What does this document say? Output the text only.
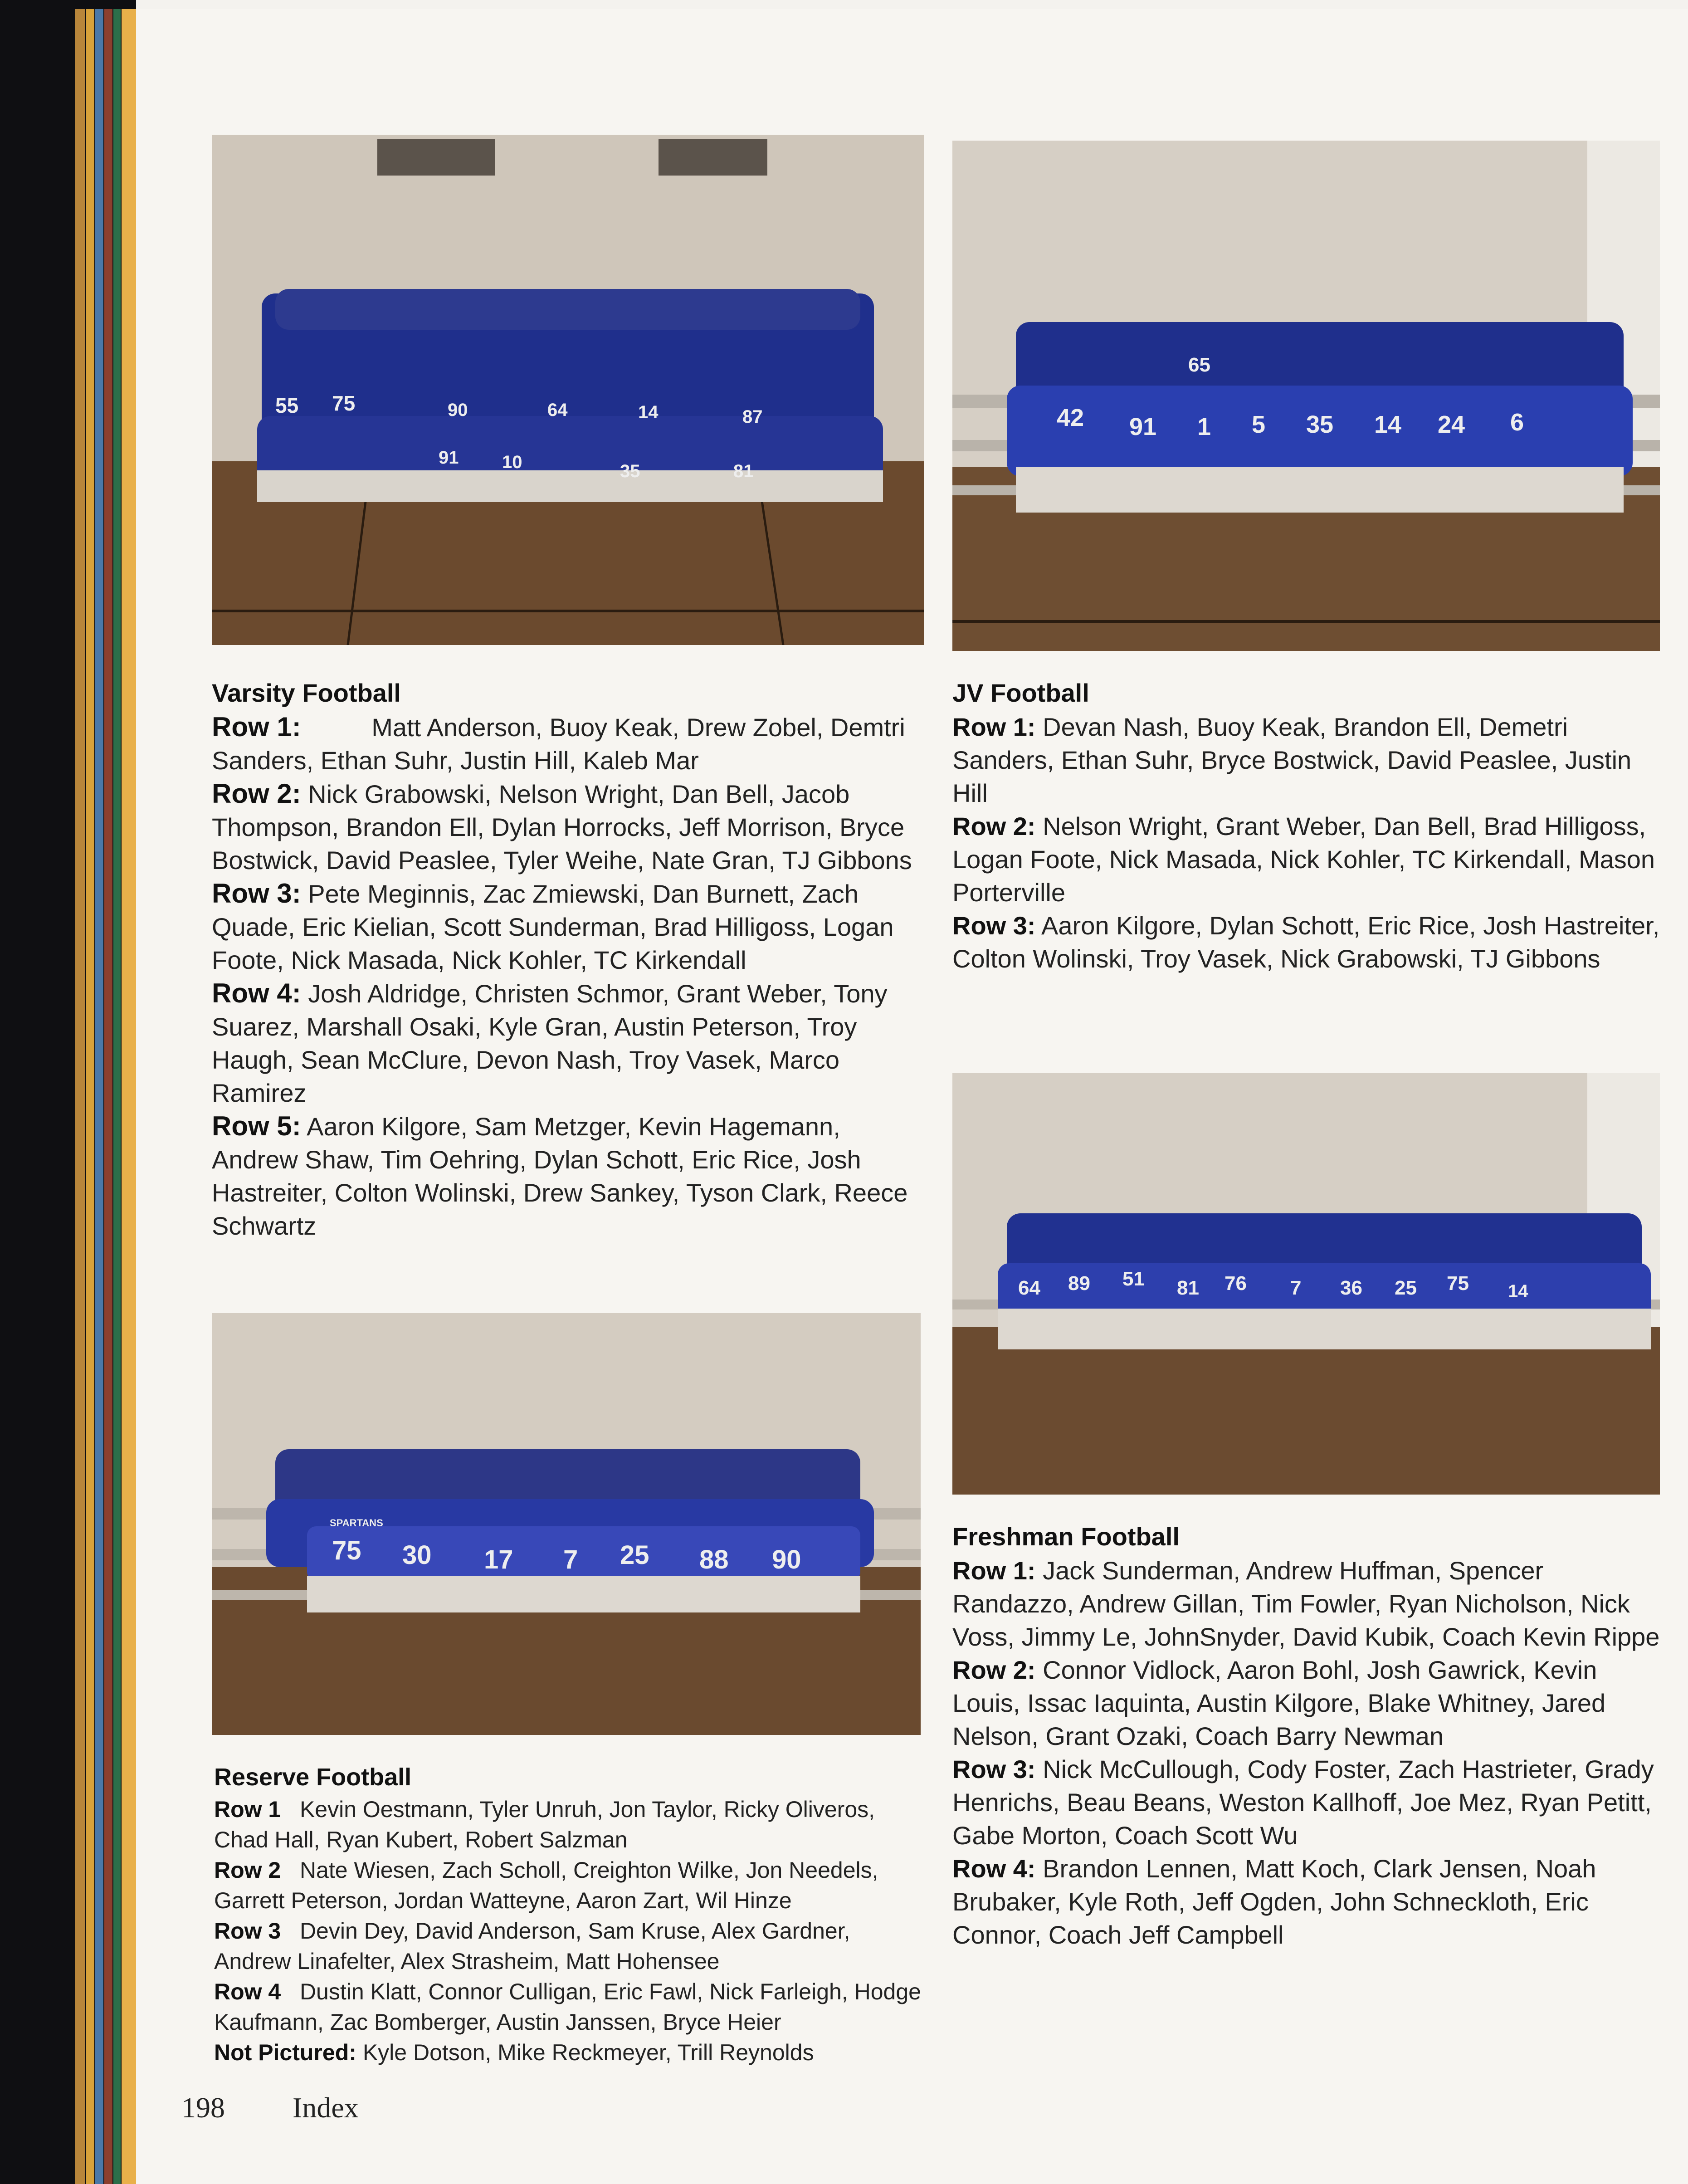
55 75	90	64	14	87
91 10	35	81
42 91 1 5 35 14 24 6
65
SPARTANS
75 30 17 7 25 88 90
64 89 51 81 76 7 36 25 75 14
Varsity Football

Row 1:	Matt Anderson, Buoy Keak, Drew Zobel, Demtri Sanders, Ethan Suhr, Justin Hill, Kaleb Mar

Row 2: Nick Grabowski, Nelson Wright, Dan Bell, Jacob Thompson, Brandon Ell, Dylan Horrocks, Jeff Morrison, Bryce Bostwick, David Peaslee, Tyler Weihe, Nate Gran, TJ Gibbons

Row 3: Pete Meginnis, Zac Zmiewski, Dan Burnett, Zach Quade, Eric Kielian, Scott Sunderman, Brad Hilligoss, Logan Foote, Nick Masada, Nick Kohler, TC Kirkendall

Row 4: Josh Aldridge, Christen Schmor, Grant Weber, Tony Suarez, Marshall Osaki, Kyle Gran, Austin Peterson, Troy Haugh, Sean McClure, Devon Nash, Troy Vasek, Marco Ramirez

Row 5: Aaron Kilgore, Sam Metzger, Kevin Hagemann, Andrew Shaw, Tim Oehring, Dylan Schott, Eric Rice, Josh Hastreiter, Colton Wolinski, Drew Sankey, Tyson Clark, Reece Schwartz

JV Football

Row 1: Devan Nash, Buoy Keak, Brandon Ell, Demetri Sanders, Ethan Suhr, Bryce Bostwick, David Peaslee, Justin Hill

Row 2: Nelson Wright, Grant Weber, Dan Bell, Brad Hilligoss, Logan Foote, Nick Masada, Nick Kohler, TC Kirkendall, Mason Porterville

Row 3: Aaron Kilgore, Dylan Schott, Eric Rice, Josh Hastreiter, Colton Wolinski, Troy Vasek, Nick Grabowski, TJ Gibbons

Reserve Football

Row 1 Kevin Oestmann, Tyler Unruh, Jon Taylor, Ricky Oliveros, Chad Hall, Ryan Kubert, Robert Salzman

Row 2 Nate Wiesen, Zach Scholl, Creighton Wilke, Jon Needels, Garrett Peterson, Jordan Watteyne, Aaron Zart, Wil Hinze

Row 3 Devin Dey, David Anderson, Sam Kruse, Alex Gardner, Andrew Linafelter, Alex Strasheim, Matt Hohensee

Row 4 Dustin Klatt, Connor Culligan, Eric Fawl, Nick Farleigh, Hodge Kaufmann, Zac Bomberger, Austin Janssen, Bryce Heier

Not Pictured: Kyle Dotson, Mike Reckmeyer, Trill Reynolds

Freshman Football

Row 1: Jack Sunderman, Andrew Huffman, Spencer Randazzo, Andrew Gillan, Tim Fowler, Ryan Nicholson, Nick Voss, Jimmy Le, JohnSnyder, David Kubik, Coach Kevin Rippe

Row 2: Connor Vidlock, Aaron Bohl, Josh Gawrick, Kevin Louis, Issac Iaquinta, Austin Kilgore, Blake Whitney, Jared Nelson, Grant Ozaki, Coach Barry Newman

Row 3: Nick McCullough, Cody Foster, Zach Hastrieter, Grady Henrichs, Beau Beans, Weston Kallhoff, Joe Mez, Ryan Petitt, Gabe Morton, Coach Scott Wu

Row 4: Brandon Lennen, Matt Koch, Clark Jensen, Noah Brubaker, Kyle Roth, Jeff Ogden, John Schneckloth, Eric Connor, Coach Jeff Campbell

198 Index
